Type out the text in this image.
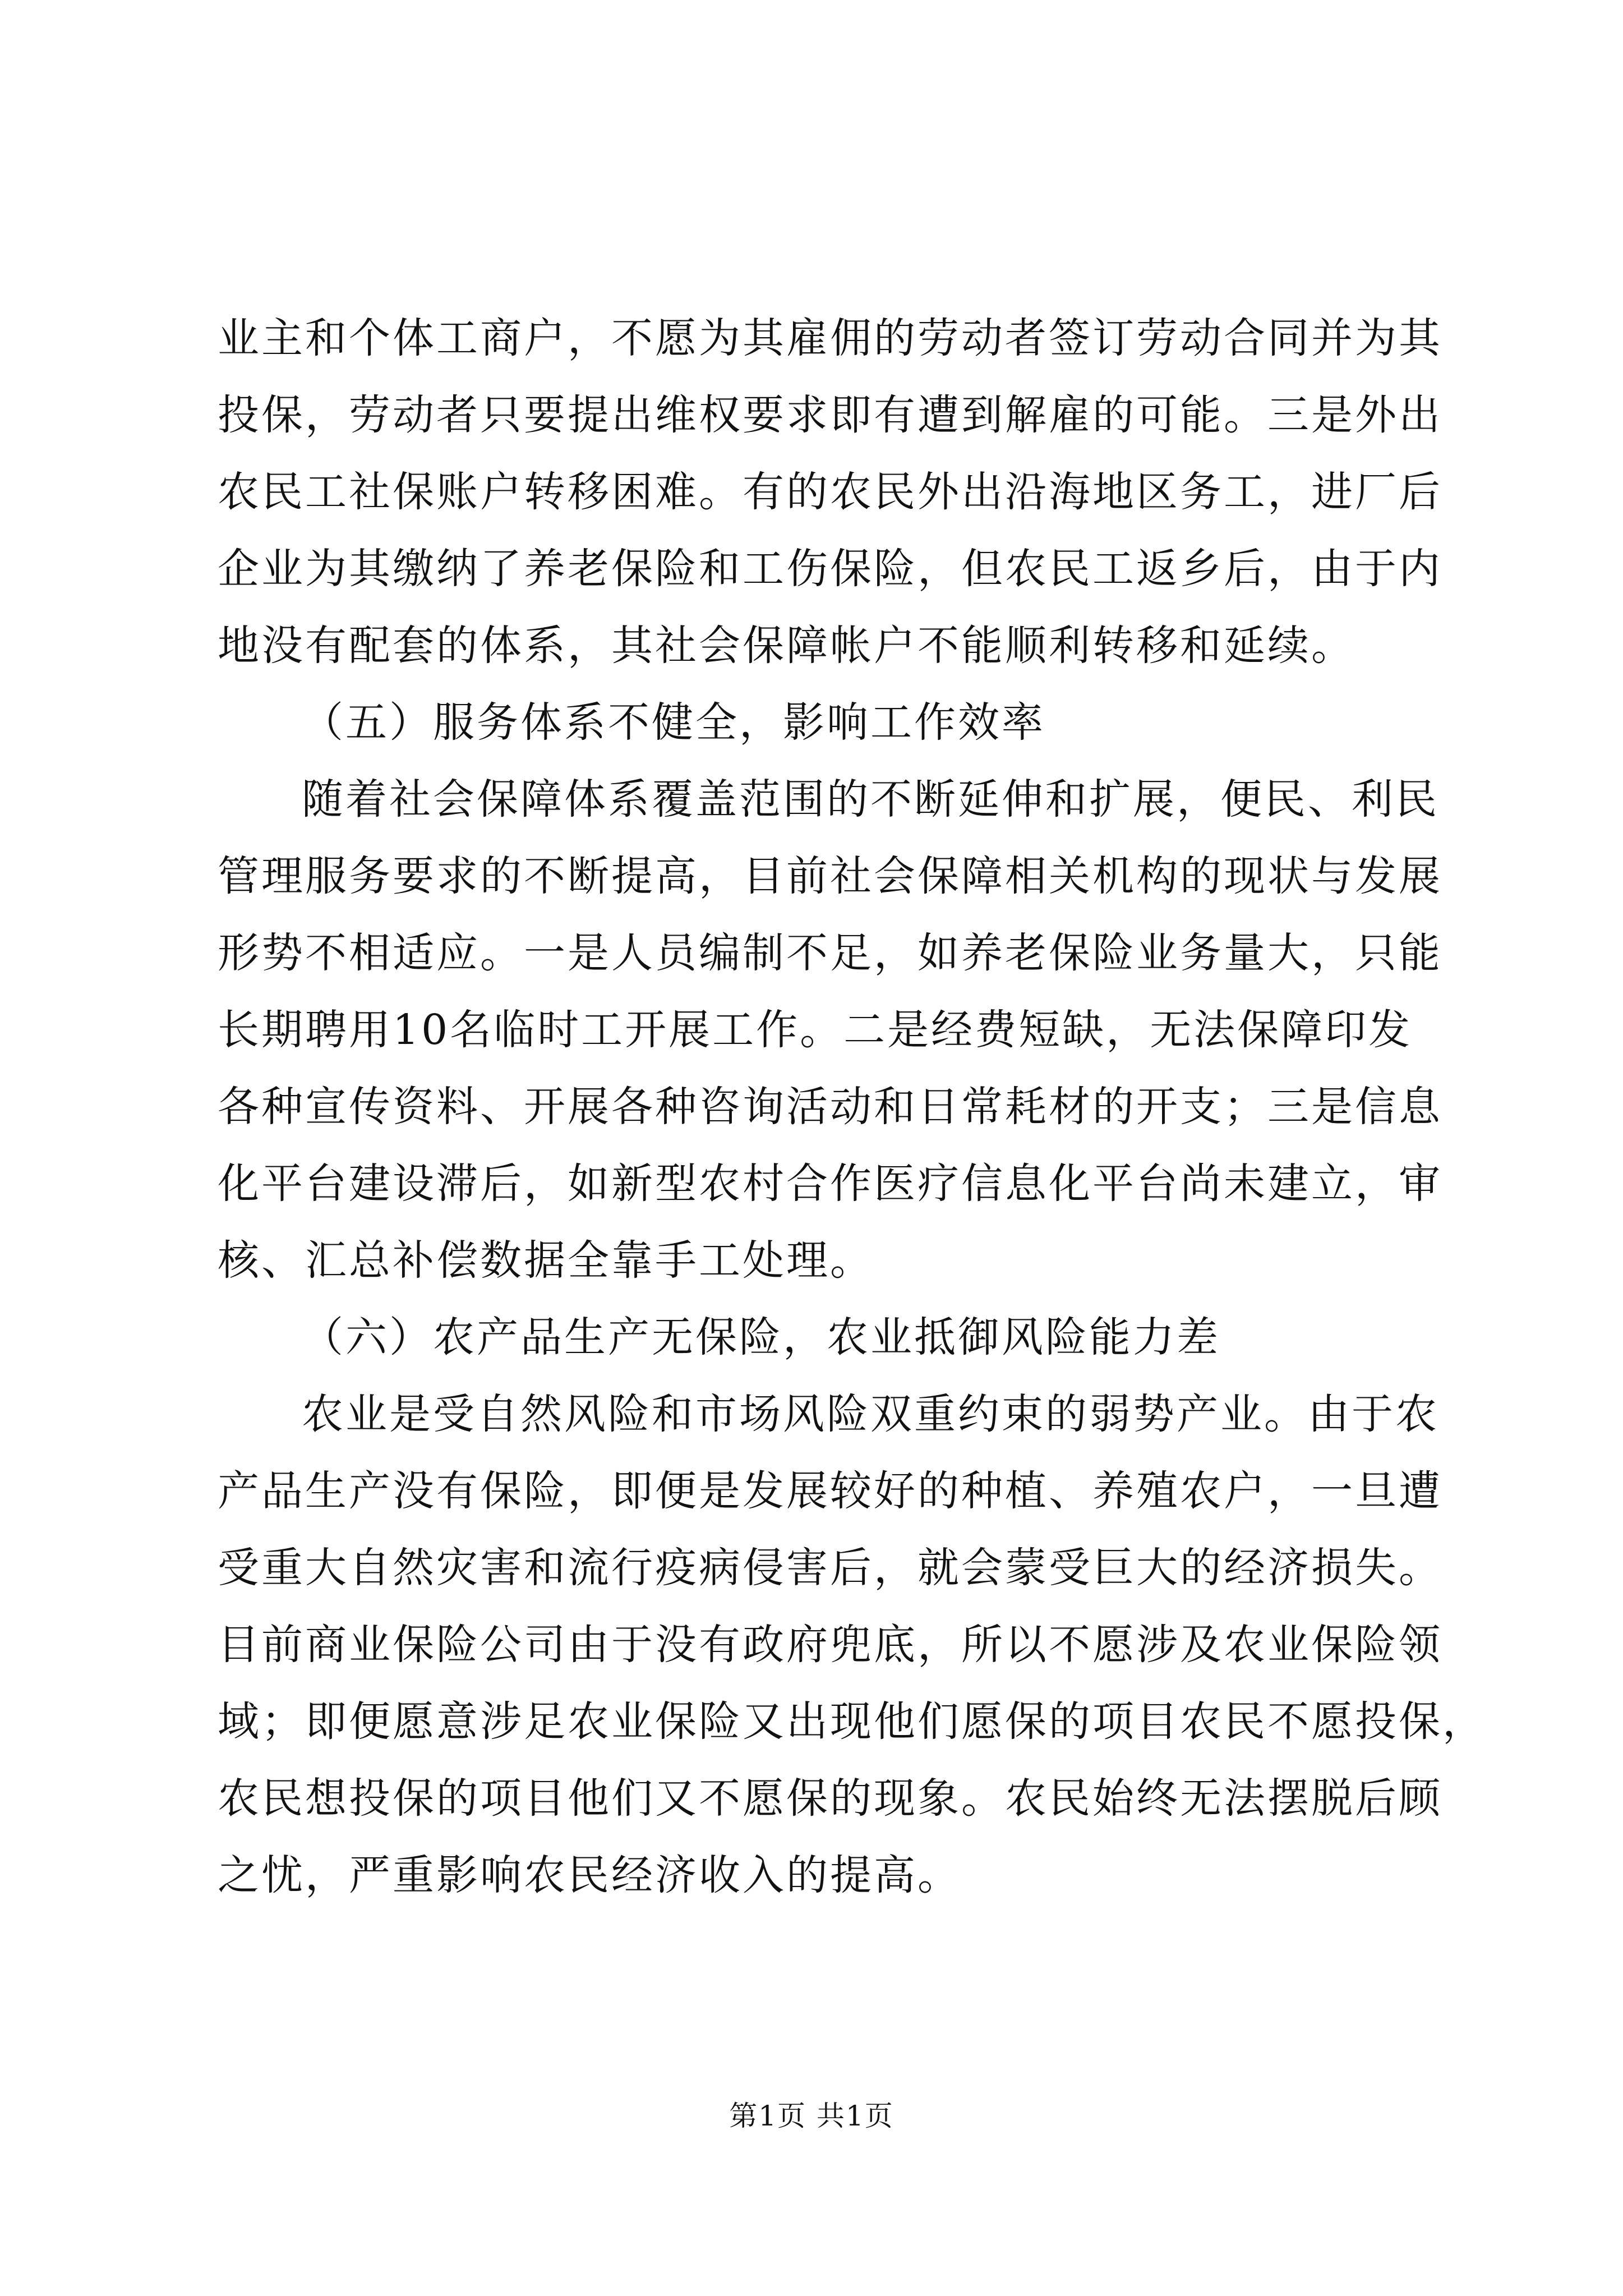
业主和个体工商户，不愿为其雇佣的劳动者签订劳动合同并为其
投保，劳动者只要提出维权要求即有遭到解雇的可能。三是外出
农民工社保账户转移困难。有的农民外出沿海地区务工，进厂后
企业为其缴纳了养老保险和工伤保险，但农民工返乡后，由于内
地没有配套的体系，其社会保障帐户不能顺利转移和延续。
（五）服务体系不健全，影响工作效率
随着社会保障体系覆盖范围的不断延伸和扩展，便民、利民
管理服务要求的不断提高，目前社会保障相关机构的现状与发展
形势不相适应。一是人员编制不足，如养老保险业务量大，只能
长期聘用10名临时工开展工作。二是经费短缺，无法保障印发
各种宣传资料、开展各种咨询活动和日常耗材的开支；三是信息
化平台建设滞后，如新型农村合作医疗信息化平台尚未建立，审
核、汇总补偿数据全靠手工处理。
（六）农产品生产无保险，农业抵御风险能力差
农业是受自然风险和市场风险双重约束的弱势产业。由于农
产品生产没有保险，即便是发展较好的种植、养殖农户，一旦遭
受重大自然灾害和流行疫病侵害后，就会蒙受巨大的经济损失。
目前商业保险公司由于没有政府兜底，所以不愿涉及农业保险领
域；即便愿意涉足农业保险又出现他们愿保的项目农民不愿投保，
农民想投保的项目他们又不愿保的现象。农民始终无法摆脱后顾
之忧，严重影响农民经济收入的提高。
第1页 共1页
